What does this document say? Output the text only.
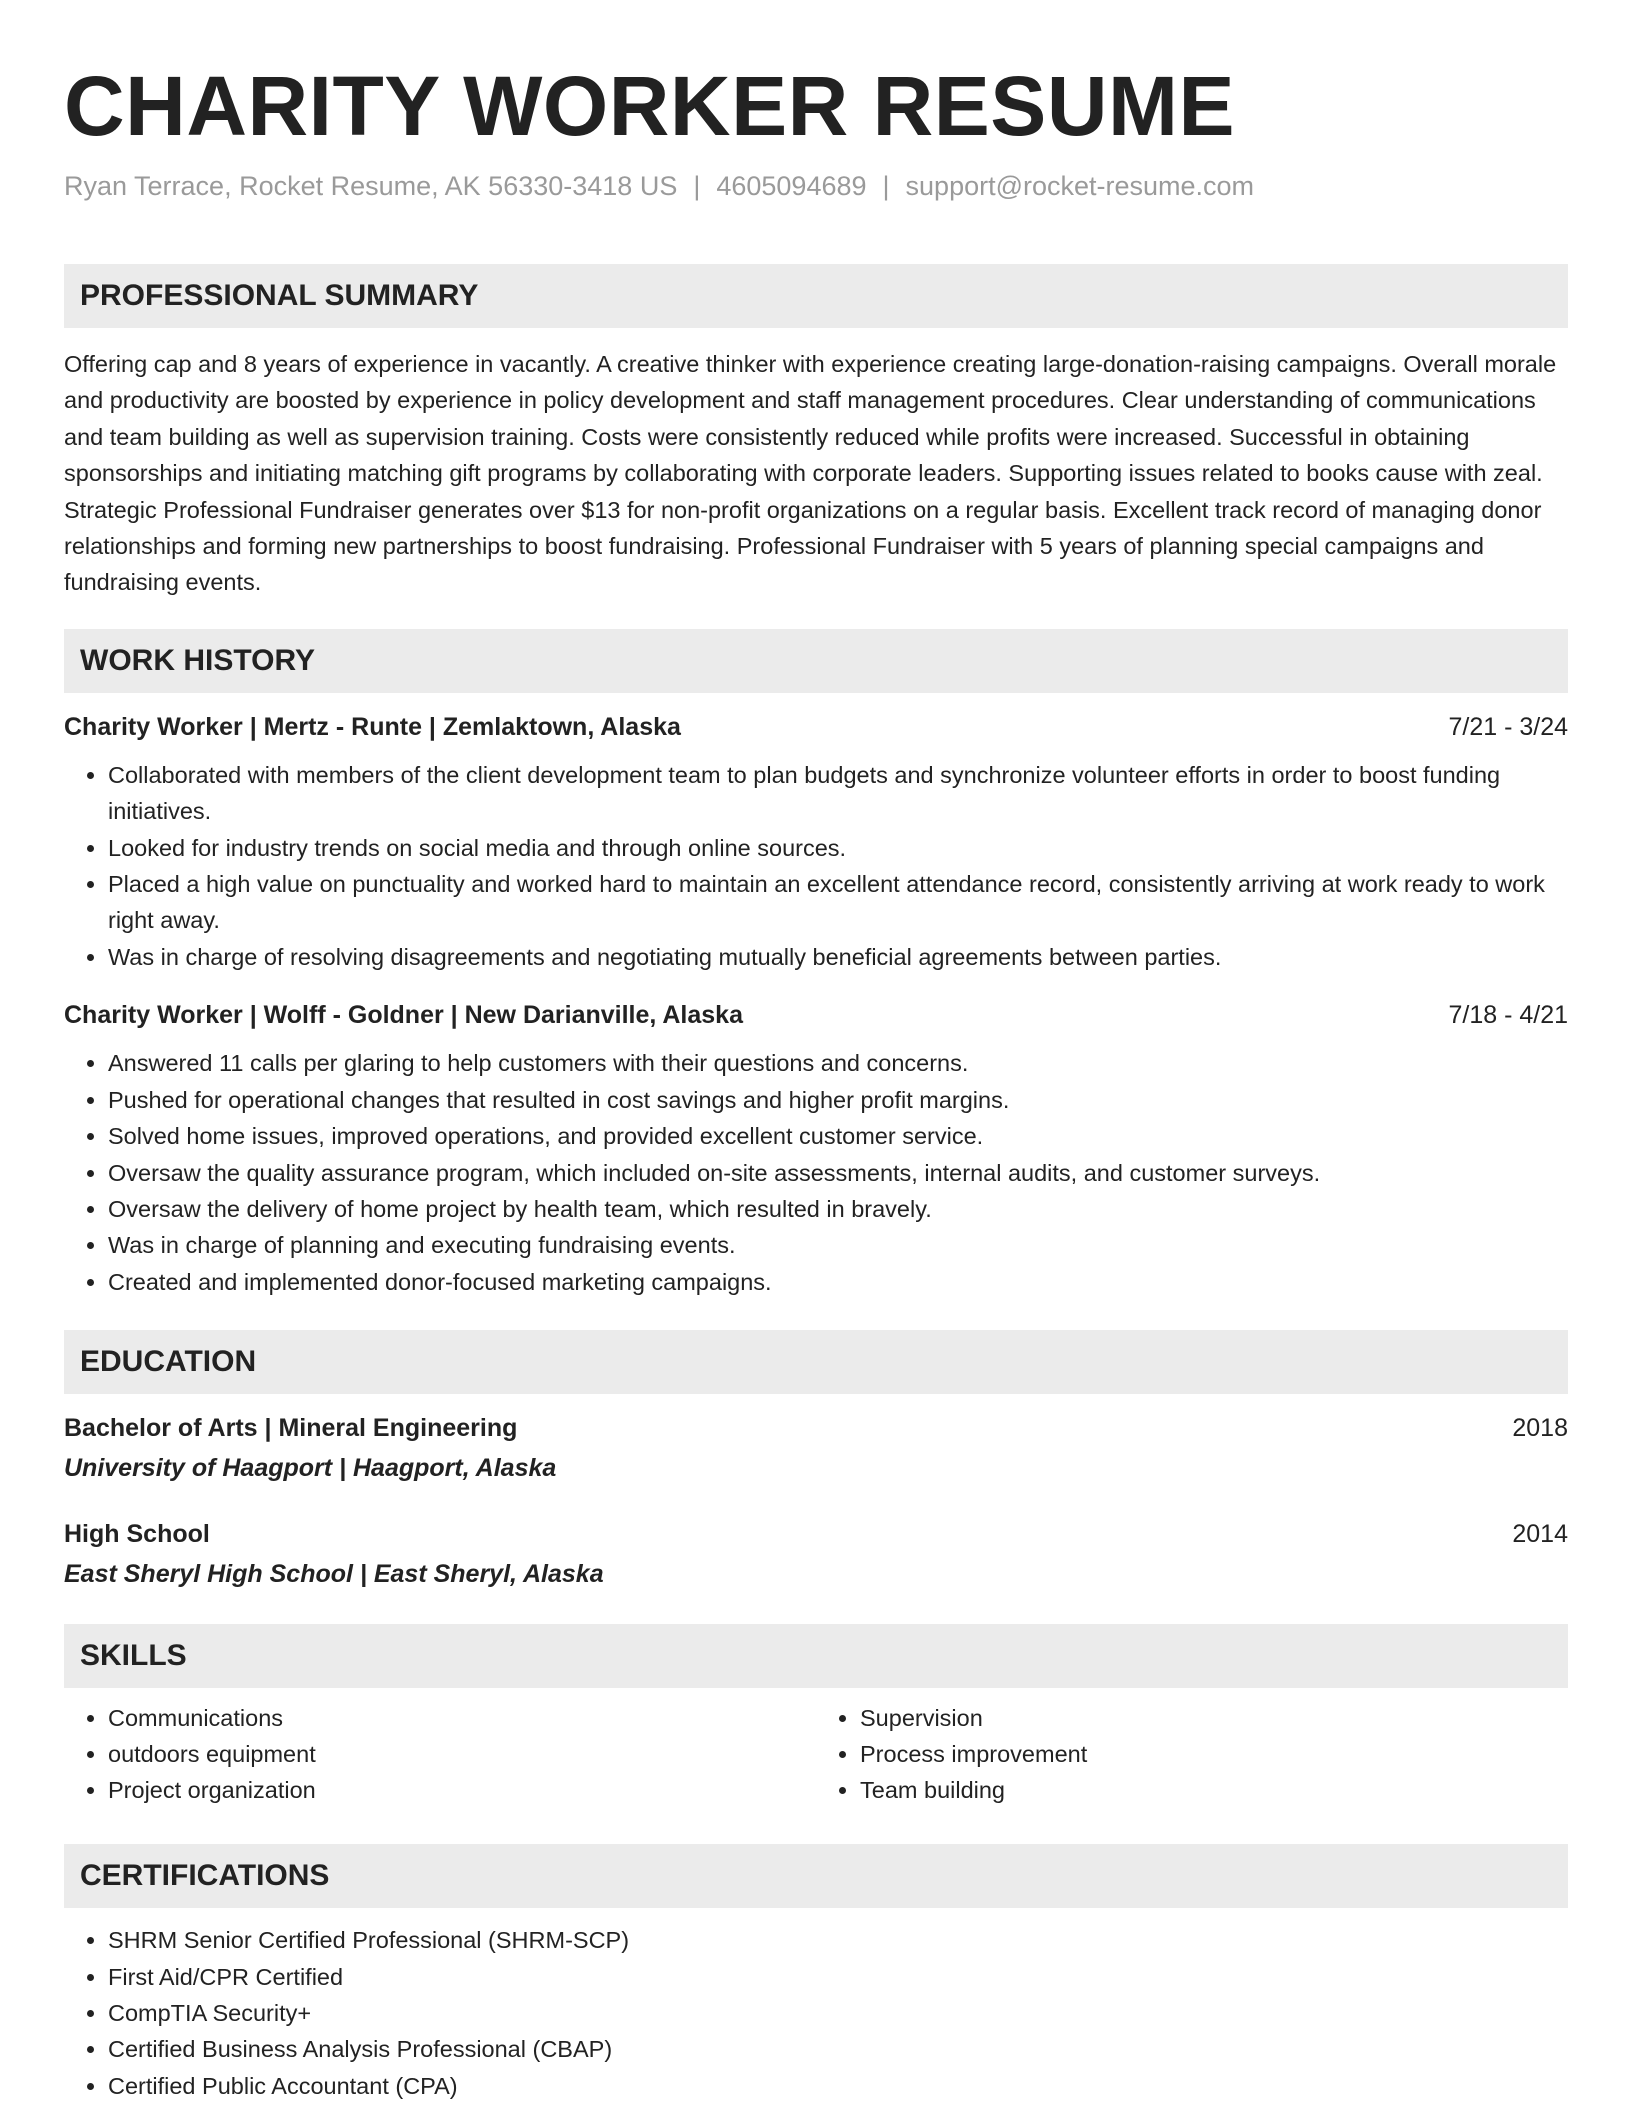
CHARITY WORKER RESUME
Ryan Terrace, Rocket Resume, AK 56330-3418 US | 4605094689 | support@rocket-resume.com
PROFESSIONAL SUMMARY

Offering cap and 8 years of experience in vacantly. A creative thinker with experience creating large-donation-raising campaigns. Overall morale and productivity are boosted by experience in policy development and staff management procedures. Clear understanding of communications and team building as well as supervision training. Costs were consistently reduced while profits were increased. Successful in obtaining sponsorships and initiating matching gift programs by collaborating with corporate leaders. Supporting issues related to books cause with zeal. Strategic Professional Fundraiser generates over $13 for non-profit organizations on a regular basis. Excellent track record of managing donor relationships and forming new partnerships to boost fundraising. Professional Fundraiser with 5 years of planning special campaigns and fundraising events.

WORK HISTORY
Charity Worker | Mertz - Runte | Zemlaktown, Alaska	7/21 - 3/24
• Collaborated with members of the client development team to plan budgets and synchronize volunteer efforts in order to boost funding initiatives.
• Looked for industry trends on social media and through online sources.
• Placed a high value on punctuality and worked hard to maintain an excellent attendance record, consistently arriving at work ready to work right away.
• Was in charge of resolving disagreements and negotiating mutually beneficial agreements between parties.
Charity Worker | Wolff - Goldner | New Darianville, Alaska	7/18 - 4/21
• Answered 11 calls per glaring to help customers with their questions and concerns.
• Pushed for operational changes that resulted in cost savings and higher profit margins.
• Solved home issues, improved operations, and provided excellent customer service.
• Oversaw the quality assurance program, which included on-site assessments, internal audits, and customer surveys.
• Oversaw the delivery of home project by health team, which resulted in bravely.
• Was in charge of planning and executing fundraising events.
• Created and implemented donor-focused marketing campaigns.
EDUCATION
Bachelor of Arts | Mineral Engineering	2018
University of Haagport | Haagport, Alaska
High School	2014
East Sheryl High School | East Sheryl, Alaska
SKILLS
• Communications
• outdoors equipment
• Project organization
• Supervision
• Process improvement
• Team building
CERTIFICATIONS
• SHRM Senior Certified Professional (SHRM-SCP)
• First Aid/CPR Certified
• CompTIA Security+
• Certified Business Analysis Professional (CBAP)
• Certified Public Accountant (CPA)
